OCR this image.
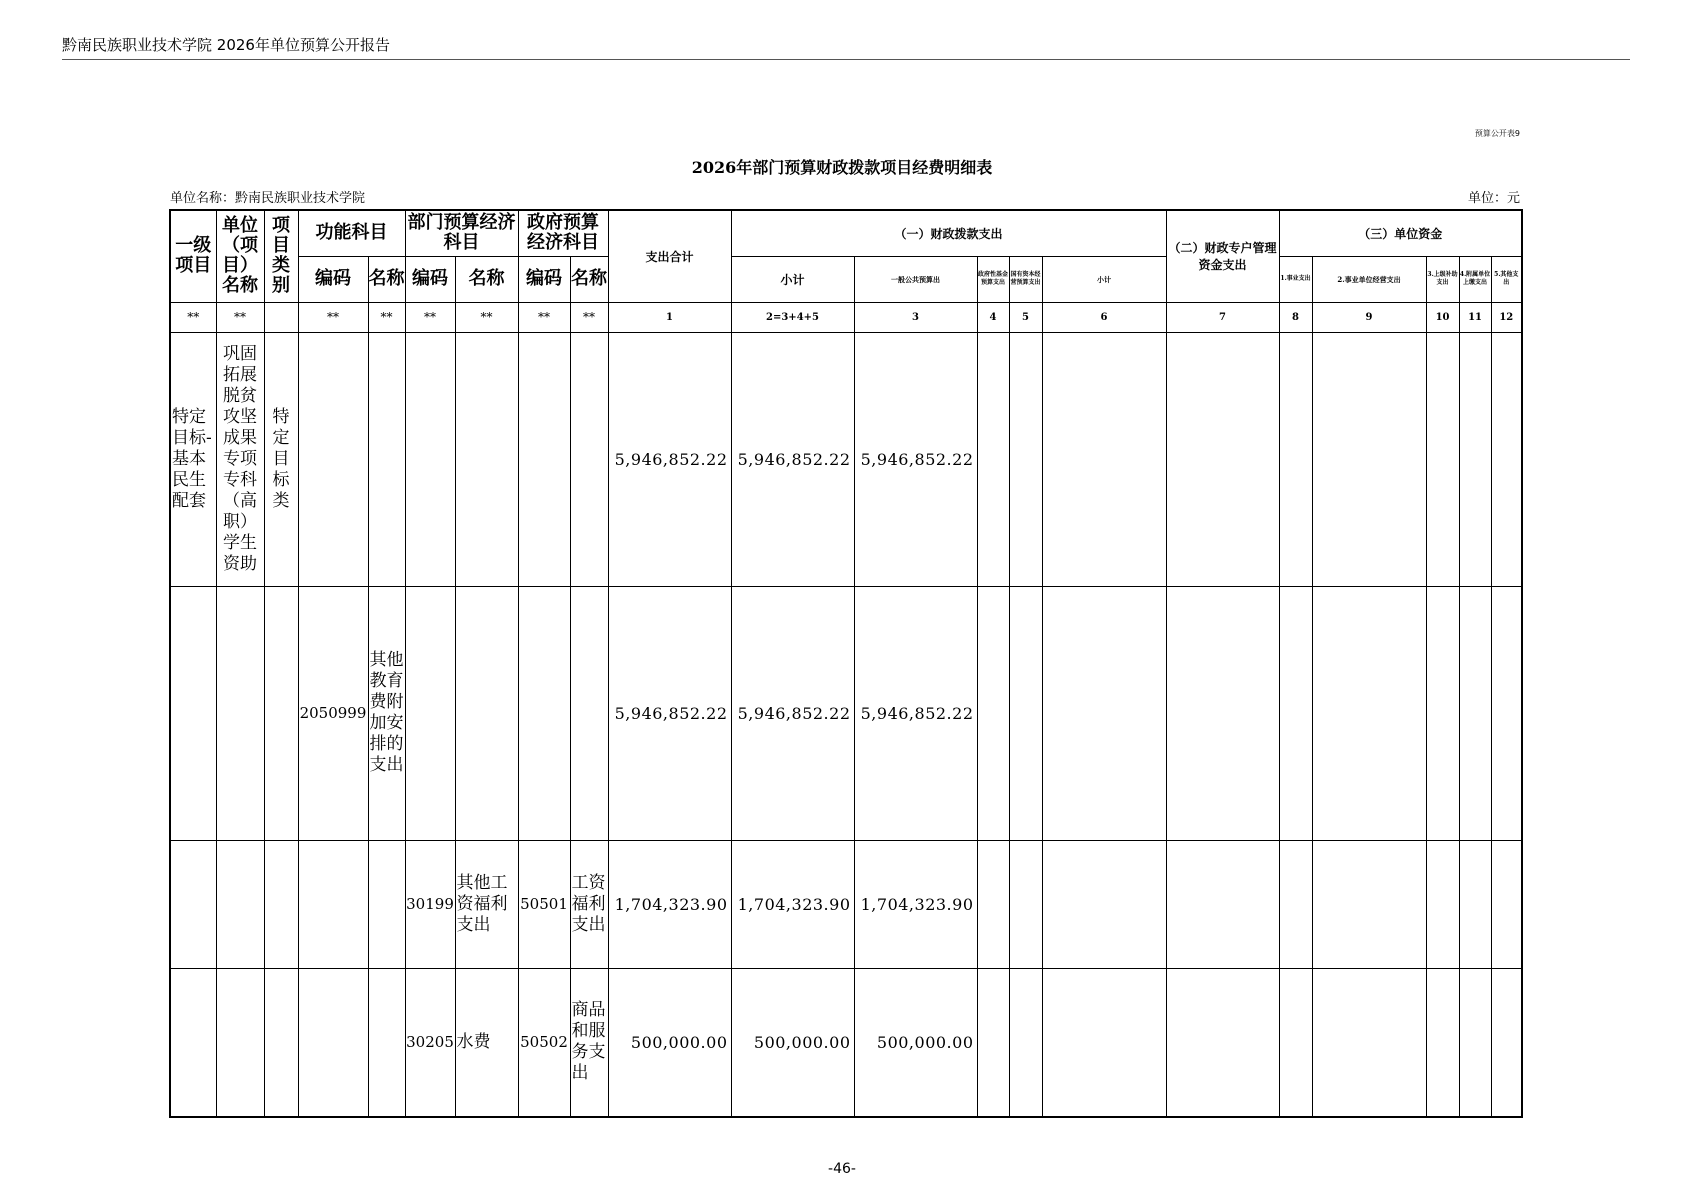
黔南民族职业技术学院 2026年单位预算公开报告
预算公开表9
2026年部门预算财政拨款项目经费明细表
单位名称：黔南民族职业技术学院	单位：元
一级项目	单位（项目）名称	项目类别	功能科目		部门预算经济科目		政府预算经济科目		支出合计	（一）财政拨款支出					（二）财政专户管理资金支出	（三）单位资金				
			编码	名称	编码	名称	编码	名称		小计	一般公共预算出	政府性基金预算支出	国有资本经营预算支出	小计		1.事业支出	2.事业单位经营支出	3.上级补助支出	4.附属单位上缴支出	5.其他支出
**	**		**	**	**	**	**	**	1	2=3+4+5	3	4	5	6	7	8	9	10	11	12
特定目标-基本民生配套	巩固拓展脱贫攻坚成果专项专科（高职）学生资助	特定目标类							5,946,852.22	5,946,852.22	5,946,852.22									
			2050999	其他教育费附加安排的支出					5,946,852.22	5,946,852.22	5,946,852.22									
					30199	其他工资福利支出	50501	工资福利支出	1,704,323.90	1,704,323.90	1,704,323.90									
					30205	水费	50502	商品和服务支出	500,000.00	500,000.00	500,000.00									
-46-
